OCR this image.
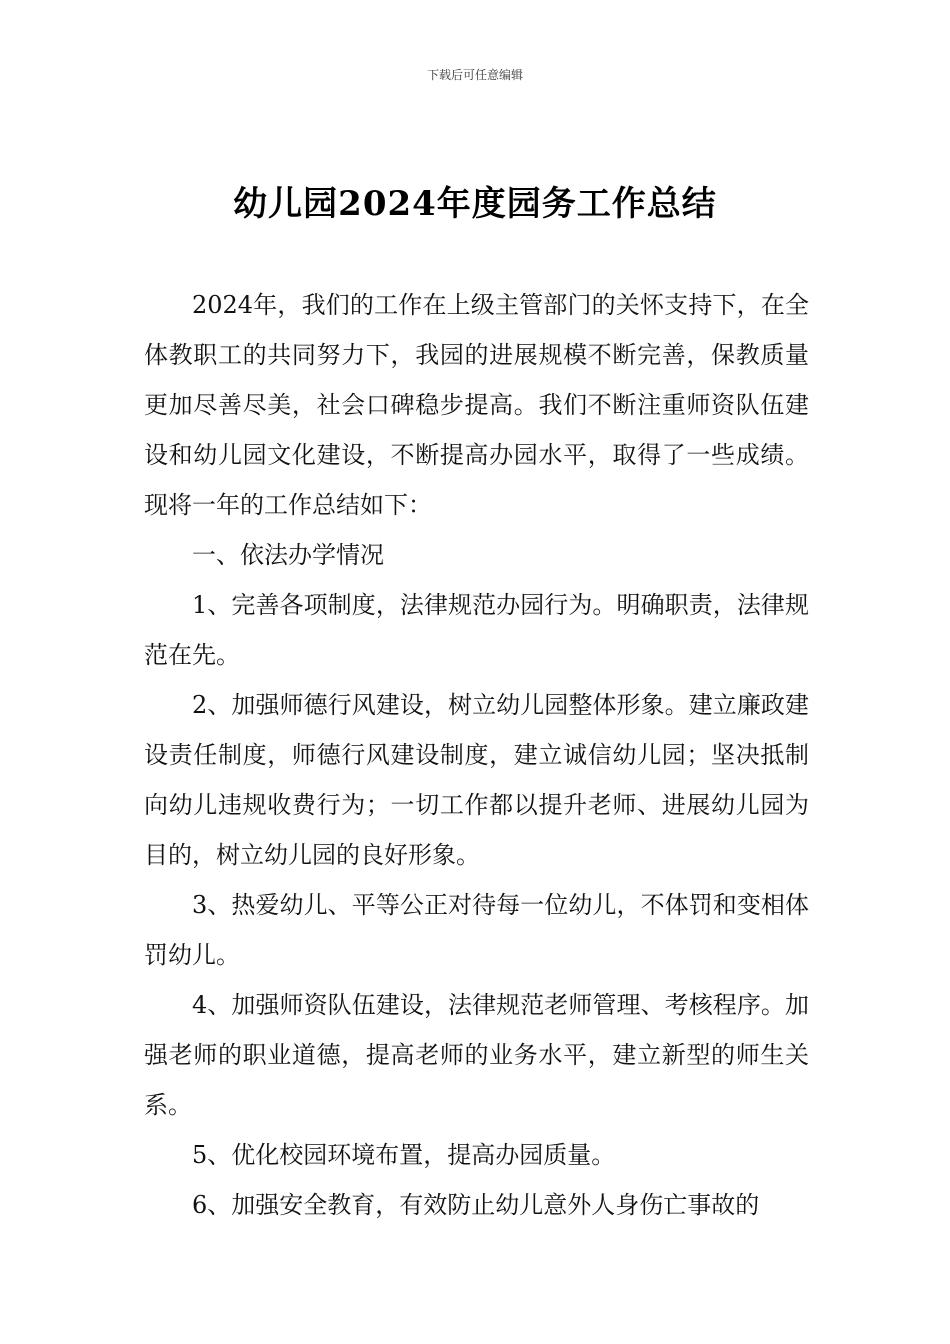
下载后可任意编辑
幼儿园2024年度园务工作总结

2024年，我们的工作在上级主管部门的关怀支持下，在全体教职工的共同努力下，我园的进展规模不断完善，保教质量更加尽善尽美，社会口碑稳步提高。我们不断注重师资队伍建设和幼儿园文化建设，不断提高办园水平，取得了一些成绩。现将一年的工作总结如下：

一、依法办学情况

1、完善各项制度，法律规范办园行为。明确职责，法律规范在先。

2、加强师德行风建设，树立幼儿园整体形象。建立廉政建设责任制度，师德行风建设制度，建立诚信幼儿园；坚决抵制向幼儿违规收费行为；一切工作都以提升老师、进展幼儿园为目的，树立幼儿园的良好形象。

3、热爱幼儿、平等公正对待每一位幼儿，不体罚和变相体罚幼儿。

4、加强师资队伍建设，法律规范老师管理、考核程序。加强老师的职业道德，提高老师的业务水平，建立新型的师生关系。

5、优化校园环境布置，提高办园质量。

6、加强安全教育，有效防止幼儿意外人身伤亡事故的
